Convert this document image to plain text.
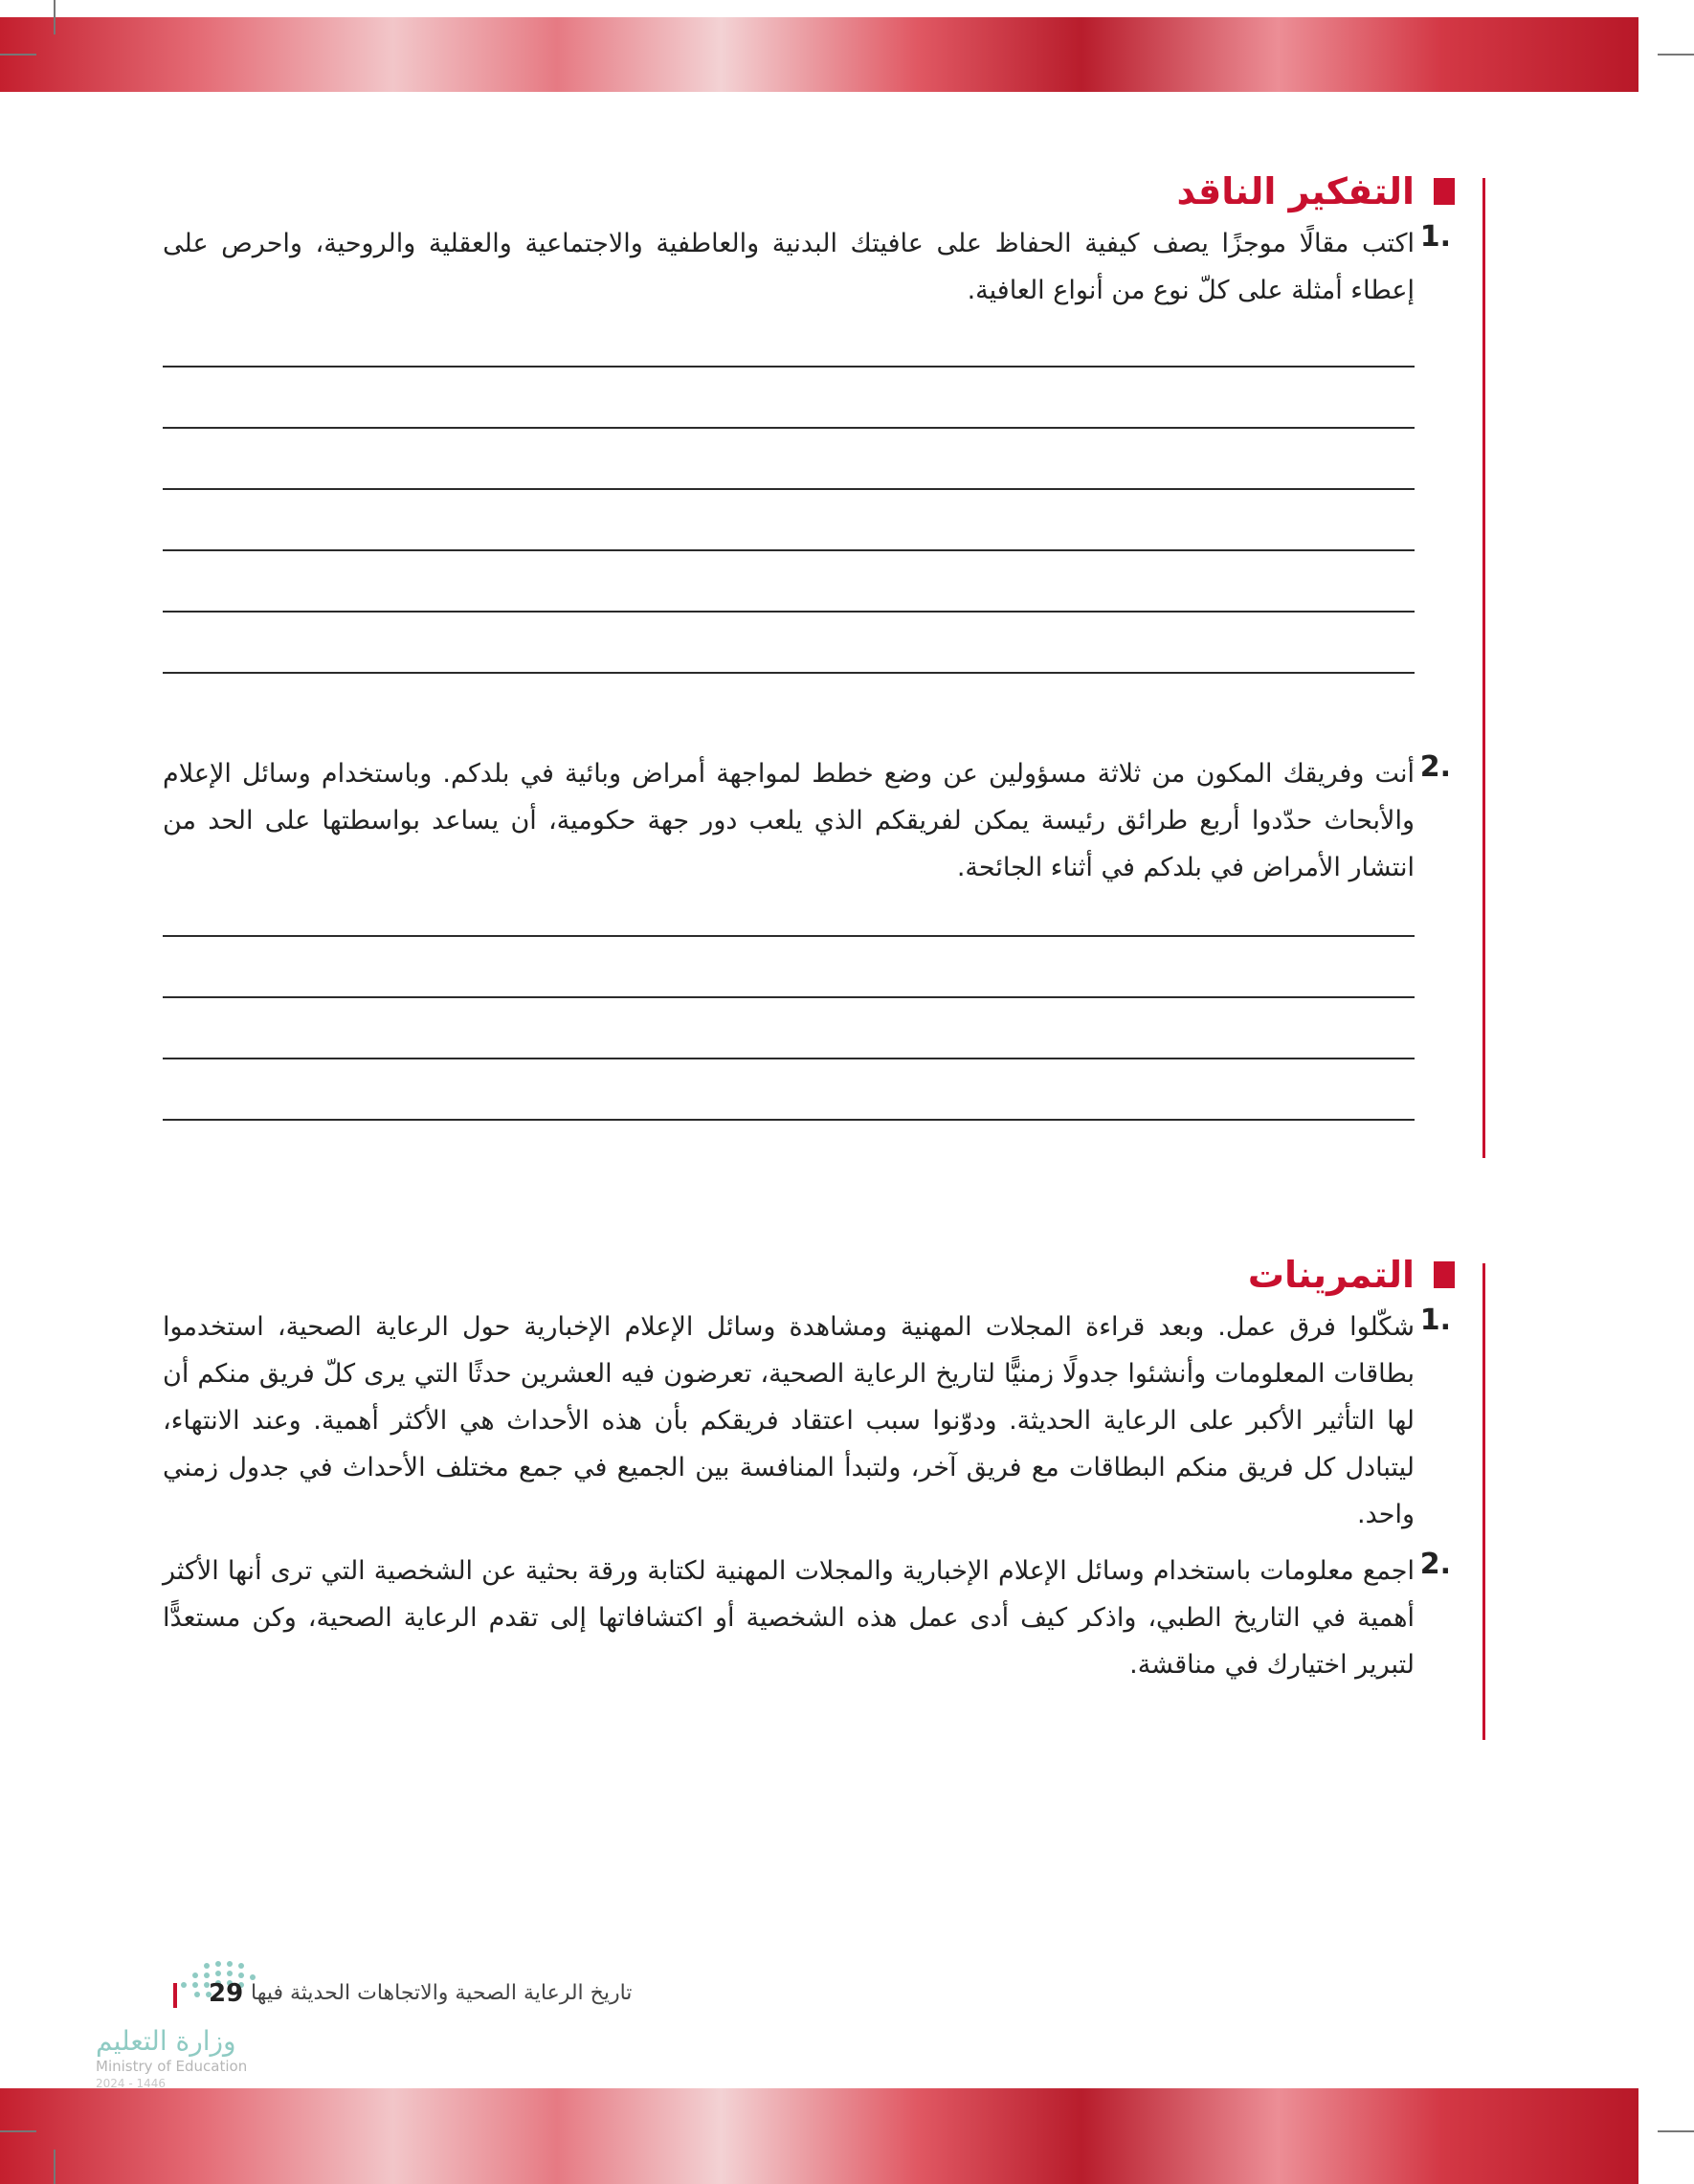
التفكير الناقد
1.

اكتب مقالًا موجزًا يصف كيفية الحفاظ على عافيتك البدنية والعاطفية والاجتماعية والعقلية والروحية، واحرص على إعطاء أمثلة على كلّ نوع من أنواع العافية.

2.

أنت وفريقك المكون من ثلاثة مسؤولين عن وضع خطط لمواجهة أمراض وبائية في بلدكم. وباستخدام وسائل الإعلام والأبحاث حدّدوا أربع طرائق رئيسة يمكن لفريقكم الذي يلعب دور جهة حكومية، أن يساعد بواسطتها على الحد من انتشار الأمراض في بلدكم في أثناء الجائحة.

التمرينات
1.

شكّلوا فرق عمل. وبعد قراءة المجلات المهنية ومشاهدة وسائل الإعلام الإخبارية حول الرعاية الصحية، استخدموا بطاقات المعلومات وأنشئوا جدولًا زمنيًّا لتاريخ الرعاية الصحية، تعرضون فيه العشرين حدثًا التي يرى كلّ فريق منكم أن لها التأثير الأكبر على الرعاية الحديثة. ودوّنوا سبب اعتقاد فريقكم بأن هذه الأحداث هي الأكثر أهمية. وعند الانتهاء، ليتبادل كل فريق منكم البطاقات مع فريق آخر، ولتبدأ المنافسة بين الجميع في جمع مختلف الأحداث في جدول زمني واحد.

2.

اجمع معلومات باستخدام وسائل الإعلام الإخبارية والمجلات المهنية لكتابة ورقة بحثية عن الشخصية التي ترى أنها الأكثر أهمية في التاريخ الطبي، واذكر كيف أدى عمل هذه الشخصية أو اكتشافاتها إلى تقدم الرعاية الصحية، وكن مستعدًّا لتبرير اختيارك في مناقشة.

وزارة التعليم
Ministry of Education
2024 - 1446
29 تاريخ الرعاية الصحية والاتجاهات الحديثة فيها
